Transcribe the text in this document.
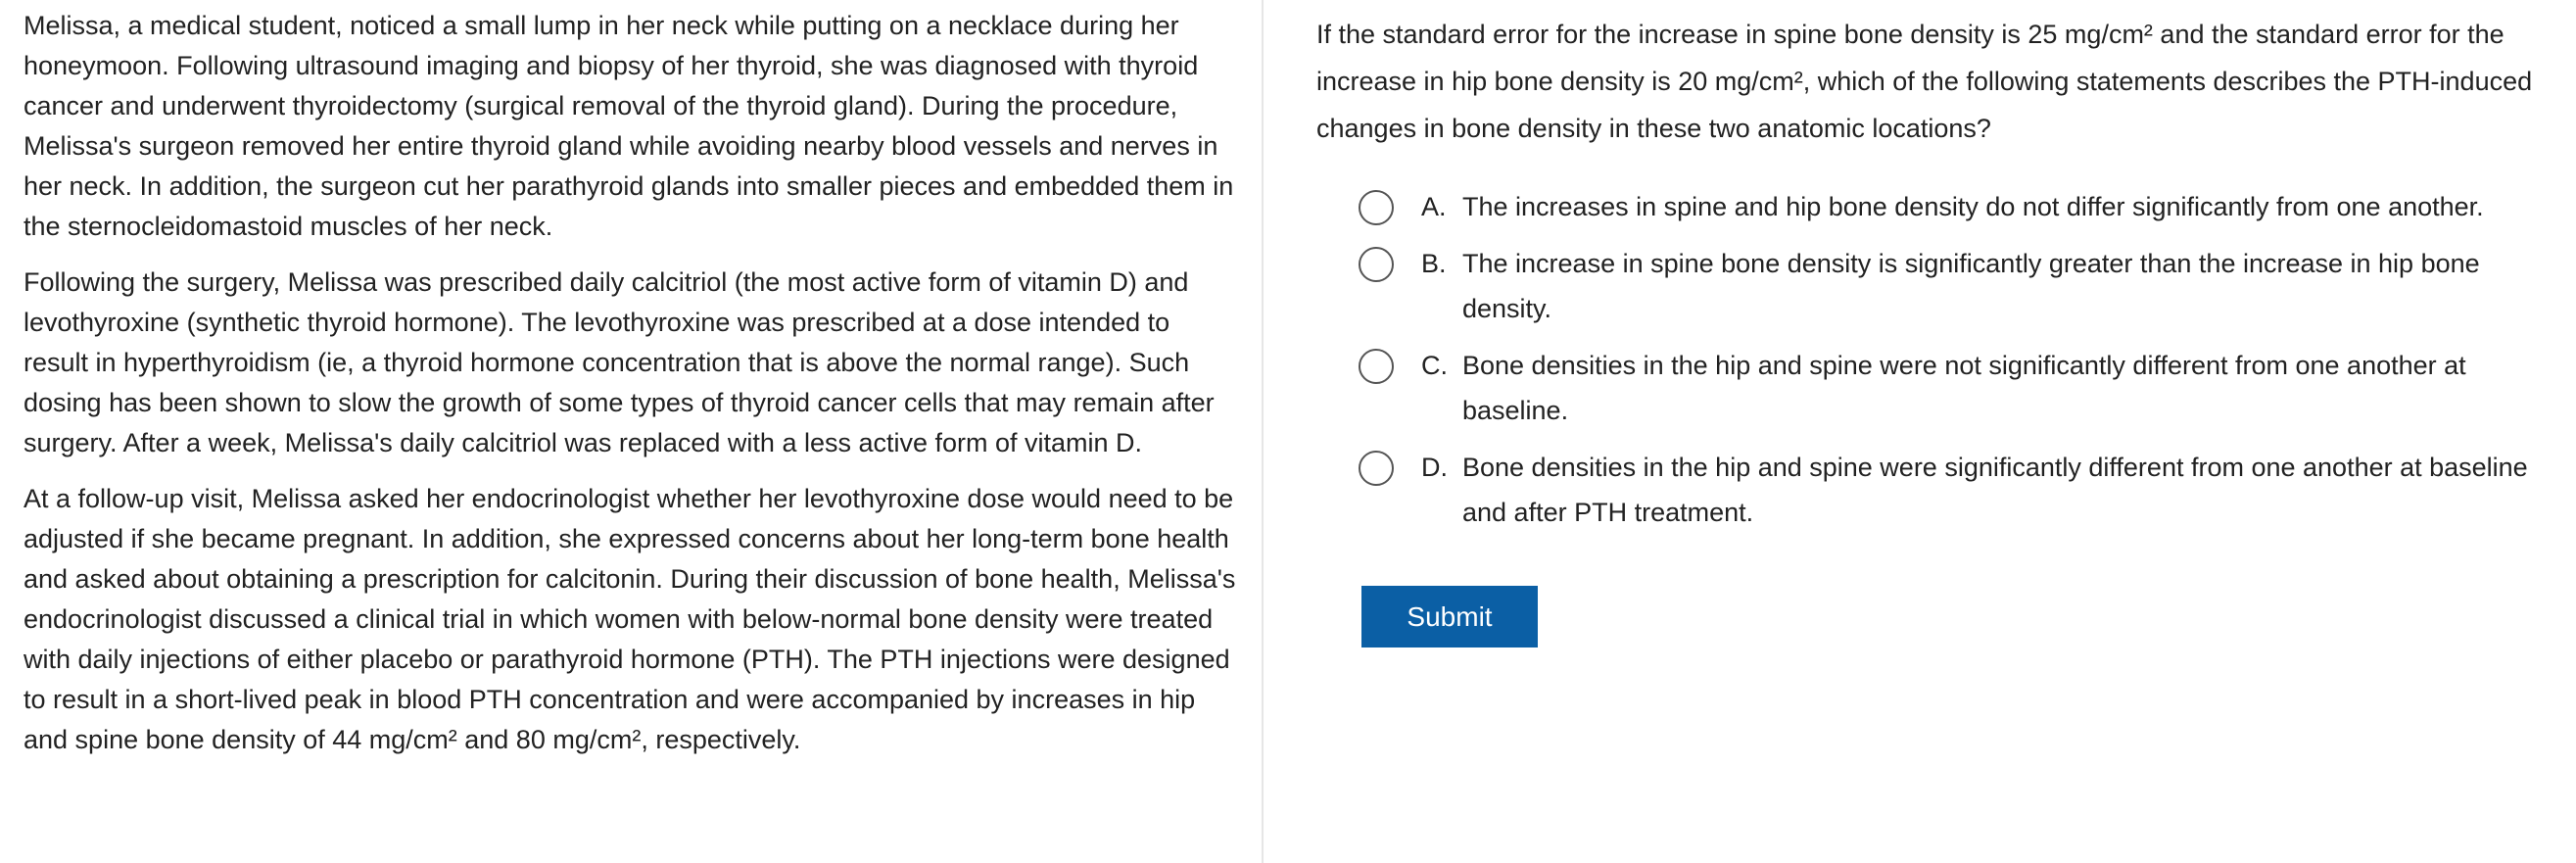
Melissa, a medical student, noticed a small lump in her neck while putting on a necklace during her honeymoon. Following ultrasound imaging and biopsy of her thyroid, she was diagnosed with thyroid cancer and underwent thyroidectomy (surgical removal of the thyroid gland). During the procedure, Melissa's surgeon removed her entire thyroid gland while avoiding nearby blood vessels and nerves in her neck. In addition, the surgeon cut her parathyroid glands into smaller pieces and embedded them in the sternocleidomastoid muscles of her neck.

Following the surgery, Melissa was prescribed daily calcitriol (the most active form of vitamin D) and levothyroxine (synthetic thyroid hormone). The levothyroxine was prescribed at a dose intended to result in hyperthyroidism (ie, a thyroid hormone concentration that is above the normal range). Such dosing has been shown to slow the growth of some types of thyroid cancer cells that may remain after surgery. After a week, Melissa's daily calcitriol was replaced with a less active form of vitamin D.

At a follow-up visit, Melissa asked her endocrinologist whether her levothyroxine dose would need to be adjusted if she became pregnant. In addition, she expressed concerns about her long-term bone health and asked about obtaining a prescription for calcitonin. During their discussion of bone health, Melissa's endocrinologist discussed a clinical trial in which women with below-normal bone density were treated with daily injections of either placebo or parathyroid hormone (PTH). The PTH injections were designed to result in a short-lived peak in blood PTH concentration and were accompanied by increases in hip and spine bone density of 44 mg/cm² and 80 mg/cm², respectively.

If the standard error for the increase in spine bone density is 25 mg/cm² and the standard error for the increase in hip bone density is 20 mg/cm², which of the following statements describes the PTH-induced changes in bone density in these two anatomic locations?

A. The increases in spine and hip bone density do not differ significantly from one another.
B. The increase in spine bone density is significantly greater than the increase in hip bone density.
C. Bone densities in the hip and spine were not significantly different from one another at baseline.
D. Bone densities in the hip and spine were significantly different from one another at baseline and after PTH treatment.
Submit
